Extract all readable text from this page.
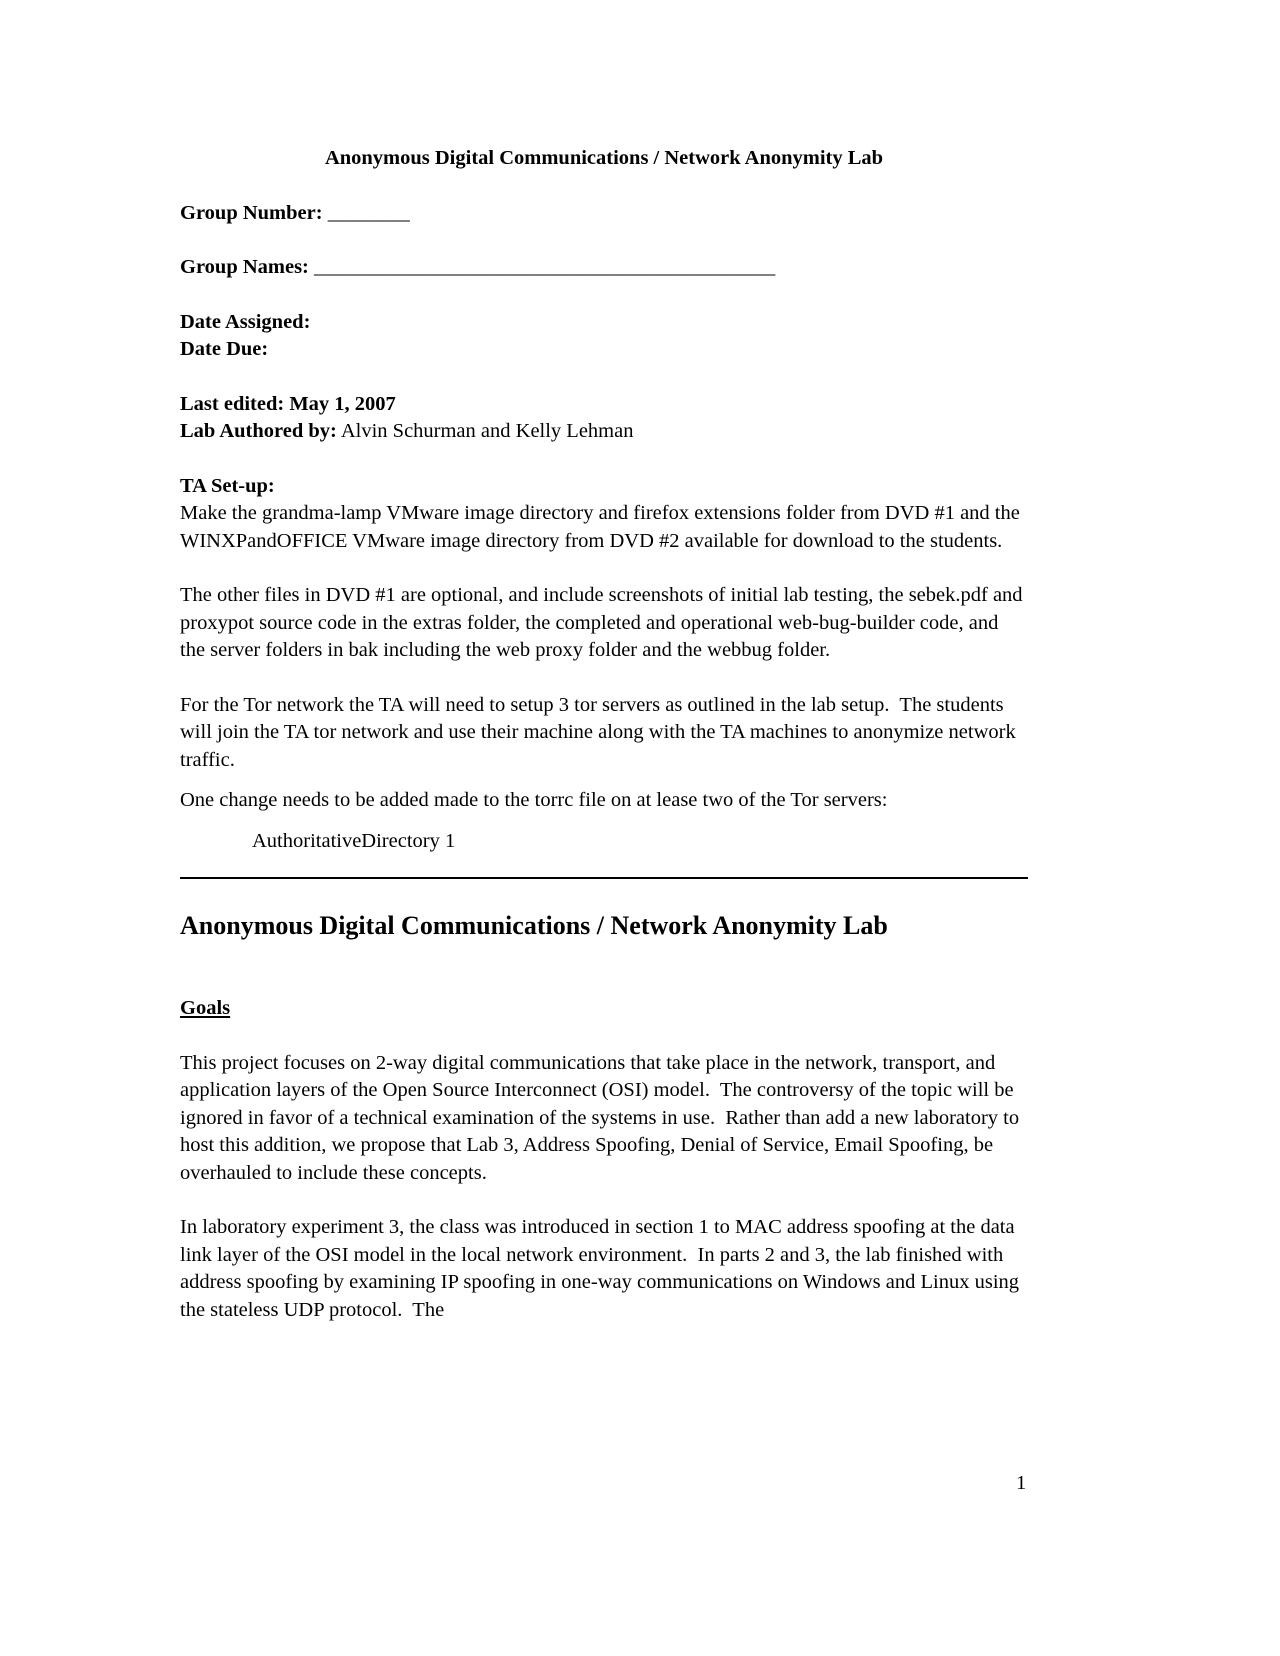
Anonymous Digital Communications / Network Anonymity Lab
Group Number: ________
Group Names: _____________________________________________
Date Assigned:
Date Due:
Last edited: May 1, 2007
Lab Authored by: Alvin Schurman and Kelly Lehman
TA Set-up:
Make the grandma-lamp VMware image directory and firefox extensions folder from DVD #1 and the WINXPandOFFICE VMware image directory from DVD #2 available for download to the students.
The other files in DVD #1 are optional, and include screenshots of initial lab testing, the sebek.pdf and proxypot source code in the extras folder, the completed and operational web-bug-builder code, and the server folders in bak including the web proxy folder and the webbug folder.
For the Tor network the TA will need to setup 3 tor servers as outlined in the lab setup.  The students will join the TA tor network and use their machine along with the TA machines to anonymize network traffic.
One change needs to be added made to the torrc file on at lease two of the Tor servers:
AuthoritativeDirectory 1
Anonymous Digital Communications / Network Anonymity Lab
Goals
This project focuses on 2-way digital communications that take place in the network, transport, and application layers of the Open Source Interconnect (OSI) model.  The controversy of the topic will be ignored in favor of a technical examination of the systems in use.  Rather than add a new laboratory to host this addition, we propose that Lab 3, Address Spoofing, Denial of Service, Email Spoofing, be overhauled to include these concepts.
In laboratory experiment 3, the class was introduced in section 1 to MAC address spoofing at the data link layer of the OSI model in the local network environment.  In parts 2 and 3, the lab finished with address spoofing by examining IP spoofing in one-way communications on Windows and Linux using the stateless UDP protocol.  The
1
